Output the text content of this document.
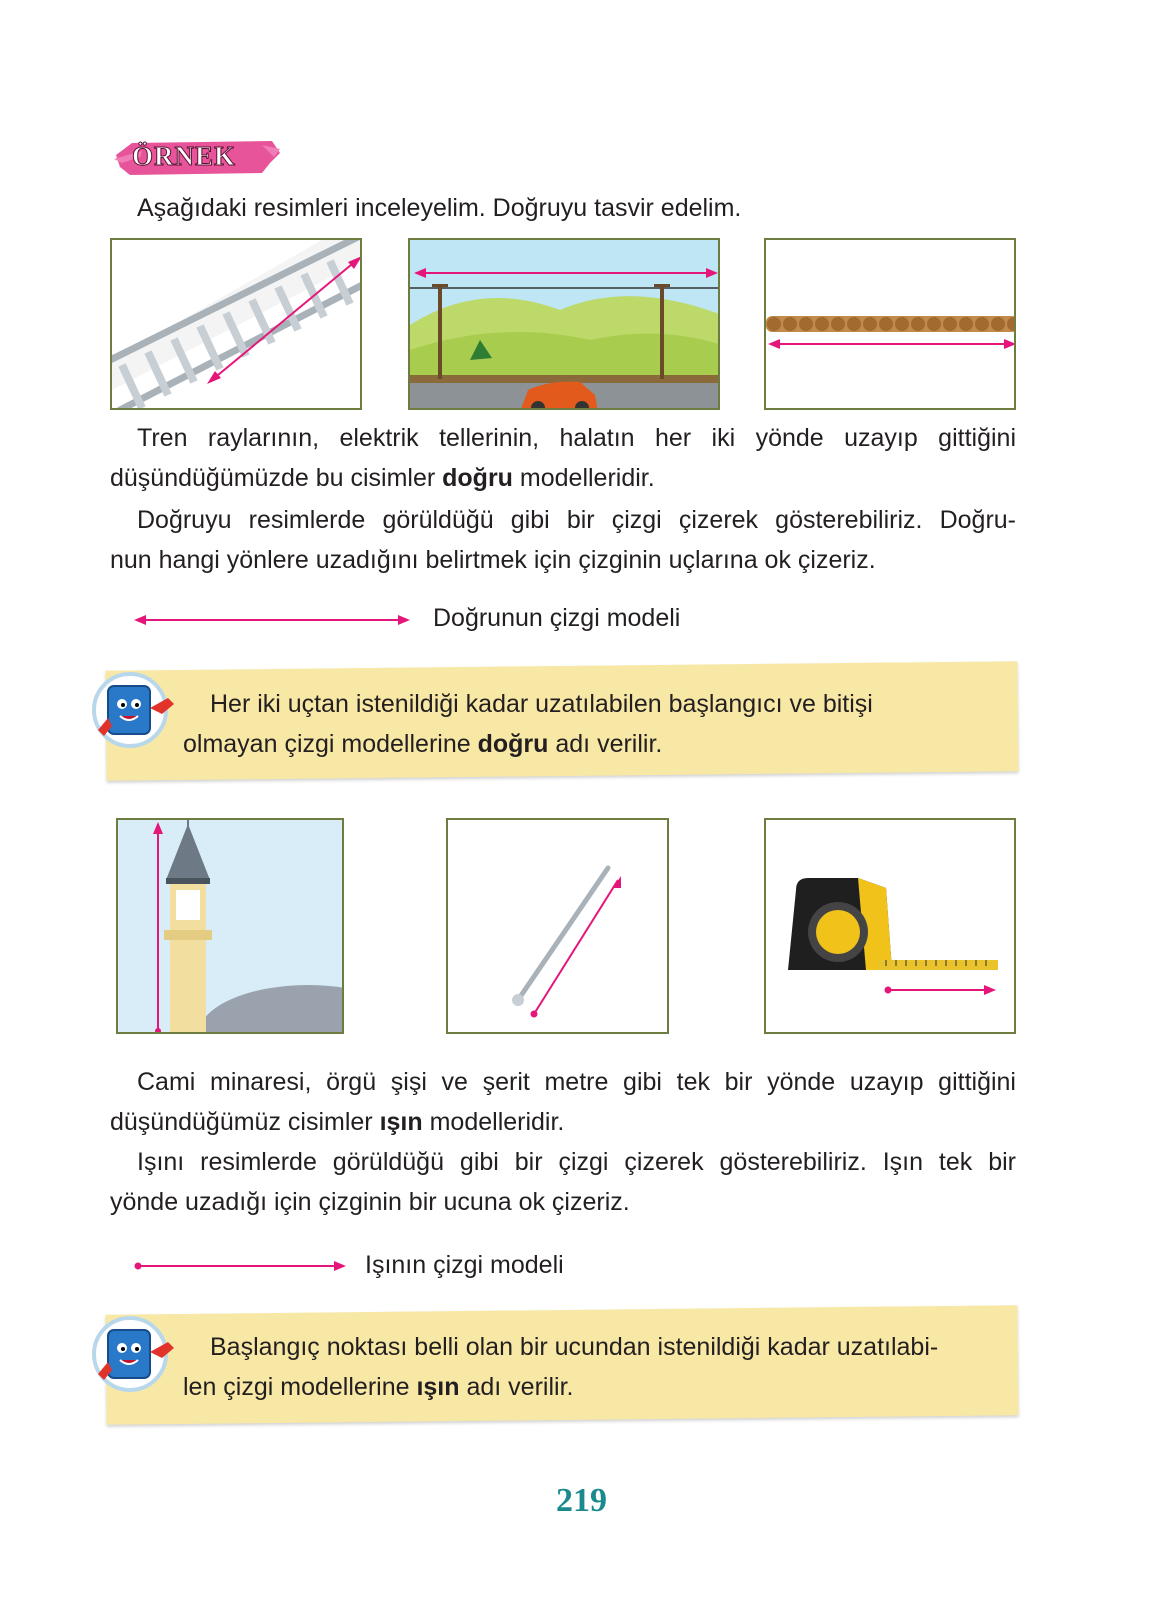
ÖRNEK
Aşağıdaki resimleri inceleyelim. Doğruyu tasvir edelim.
Tren raylarının, elektrik tellerinin, halatın her iki yönde uzayıp gittiğini
düşündüğümüzde bu cisimler doğru modelleridir.
Doğruyu resimlerde görüldüğü gibi bir çizgi çizerek gösterebiliriz. Doğru-
nun hangi yönlere uzadığını belirtmek için çizginin uçlarına ok çizeriz.
Doğrunun çizgi modeli
Her iki uçtan istenildiği kadar uzatılabilen başlangıcı ve bitişi
olmayan çizgi modellerine doğru adı verilir.
Cami minaresi, örgü şişi ve şerit metre gibi tek bir yönde uzayıp gittiğini
düşündüğümüz cisimler ışın modelleridir.
Işını resimlerde görüldüğü gibi bir çizgi çizerek gösterebiliriz. Işın tek bir
yönde uzadığı için çizginin bir ucuna ok çizeriz.
Işının çizgi modeli
Başlangıç noktası belli olan bir ucundan istenildiği kadar uzatılabi-
len çizgi modellerine ışın adı verilir.
219
